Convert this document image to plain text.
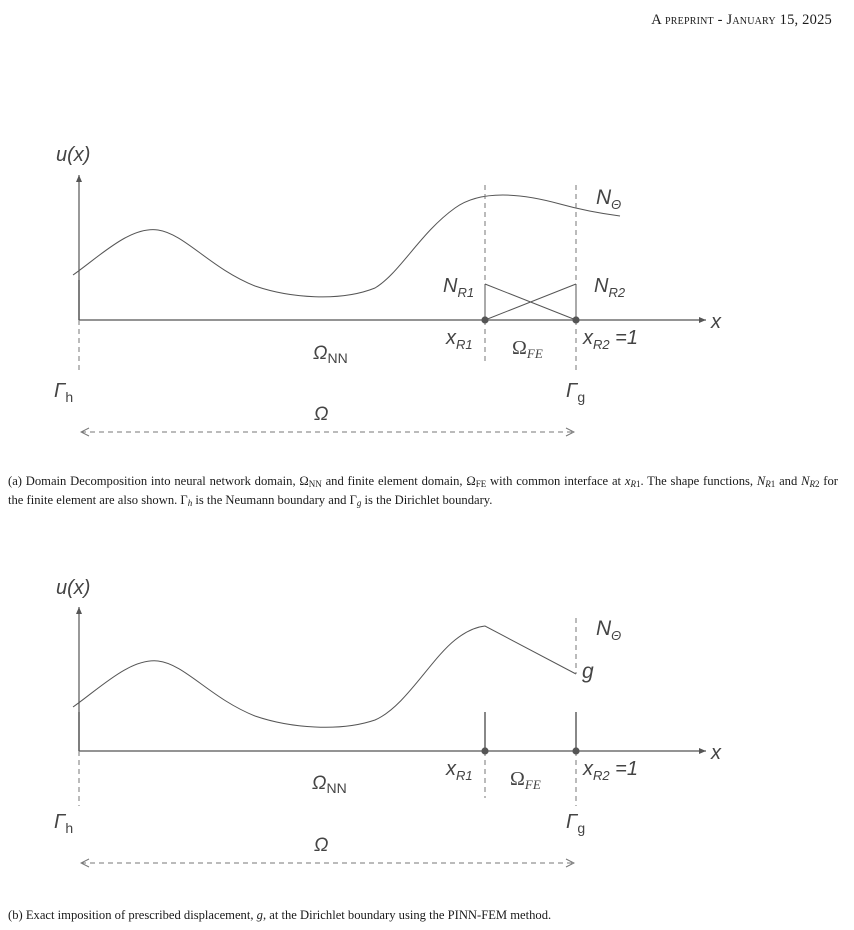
A preprint - January 15, 2025
u(x)
x
$N_\Theta$
$N_{R1}$	$N_{R2}$
$x_{R1}$	$x_{R2} =1$
$\Omega_{FE}$
$\Omega_{NN}$
$\Gamma_h$	$\Gamma_g$
Ω
(a) Domain Decomposition into neural network domain, $\Omega_{NN}$ and finite element domain, $\Omega_{FE}$ with common interface at $x_{R1}$. The shape functions, $N_{R1}$ and $N_{R2}$ for the finite element are also shown. $\Gamma_h$ is the Neumann boundary and $\Gamma_g$ is the Dirichlet boundary.
u(x)
x
$N_\Theta$
g
$x_{R1}$	$x_{R2} =1$
$\Omega_{FE}$
$\Omega_{NN}$
$\Gamma_h$	$\Gamma_g$
Ω
(b) Exact imposition of prescribed displacement, g, at the Dirichlet boundary using the PINN-FEM method.
